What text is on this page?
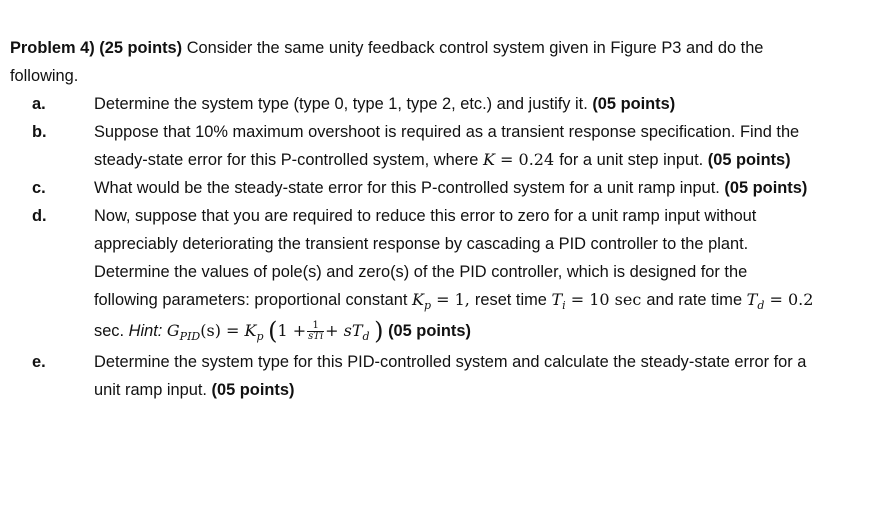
Problem 4) (25 points) Consider the same unity feedback control system given in Figure P3 and do the
following.
a.	Determine the system type (type 0, type 1, type 2, etc.) and justify it. (05 points)
b.	Suppose that 10% maximum overshoot is required as a transient response specification. Find the
steady-state error for this P-controlled system, where K = 0.24 for a unit step input. (05 points)
c.	What would be the steady-state error for this P-controlled system for a unit ramp input. (05 points)
d.	Now, suppose that you are required to reduce this error to zero for a unit ramp input without
appreciably deteriorating the transient response by cascading a PID controller to the plant.
Determine the values of pole(s) and zero(s) of the PID controller, which is designed for the
following parameters: proportional constant $K_p = 1$, reset time $T_i = 10$ sec and rate time $T_d = 0.2$
sec. Hint: $G_{PID}(s) = K_p$ ($1 + \frac{1}{\text{sTi}} + sT_d$ ) (05 points)
e.	Determine the system type for this PID-controlled system and calculate the steady-state error for a
unit ramp input. (05 points)
